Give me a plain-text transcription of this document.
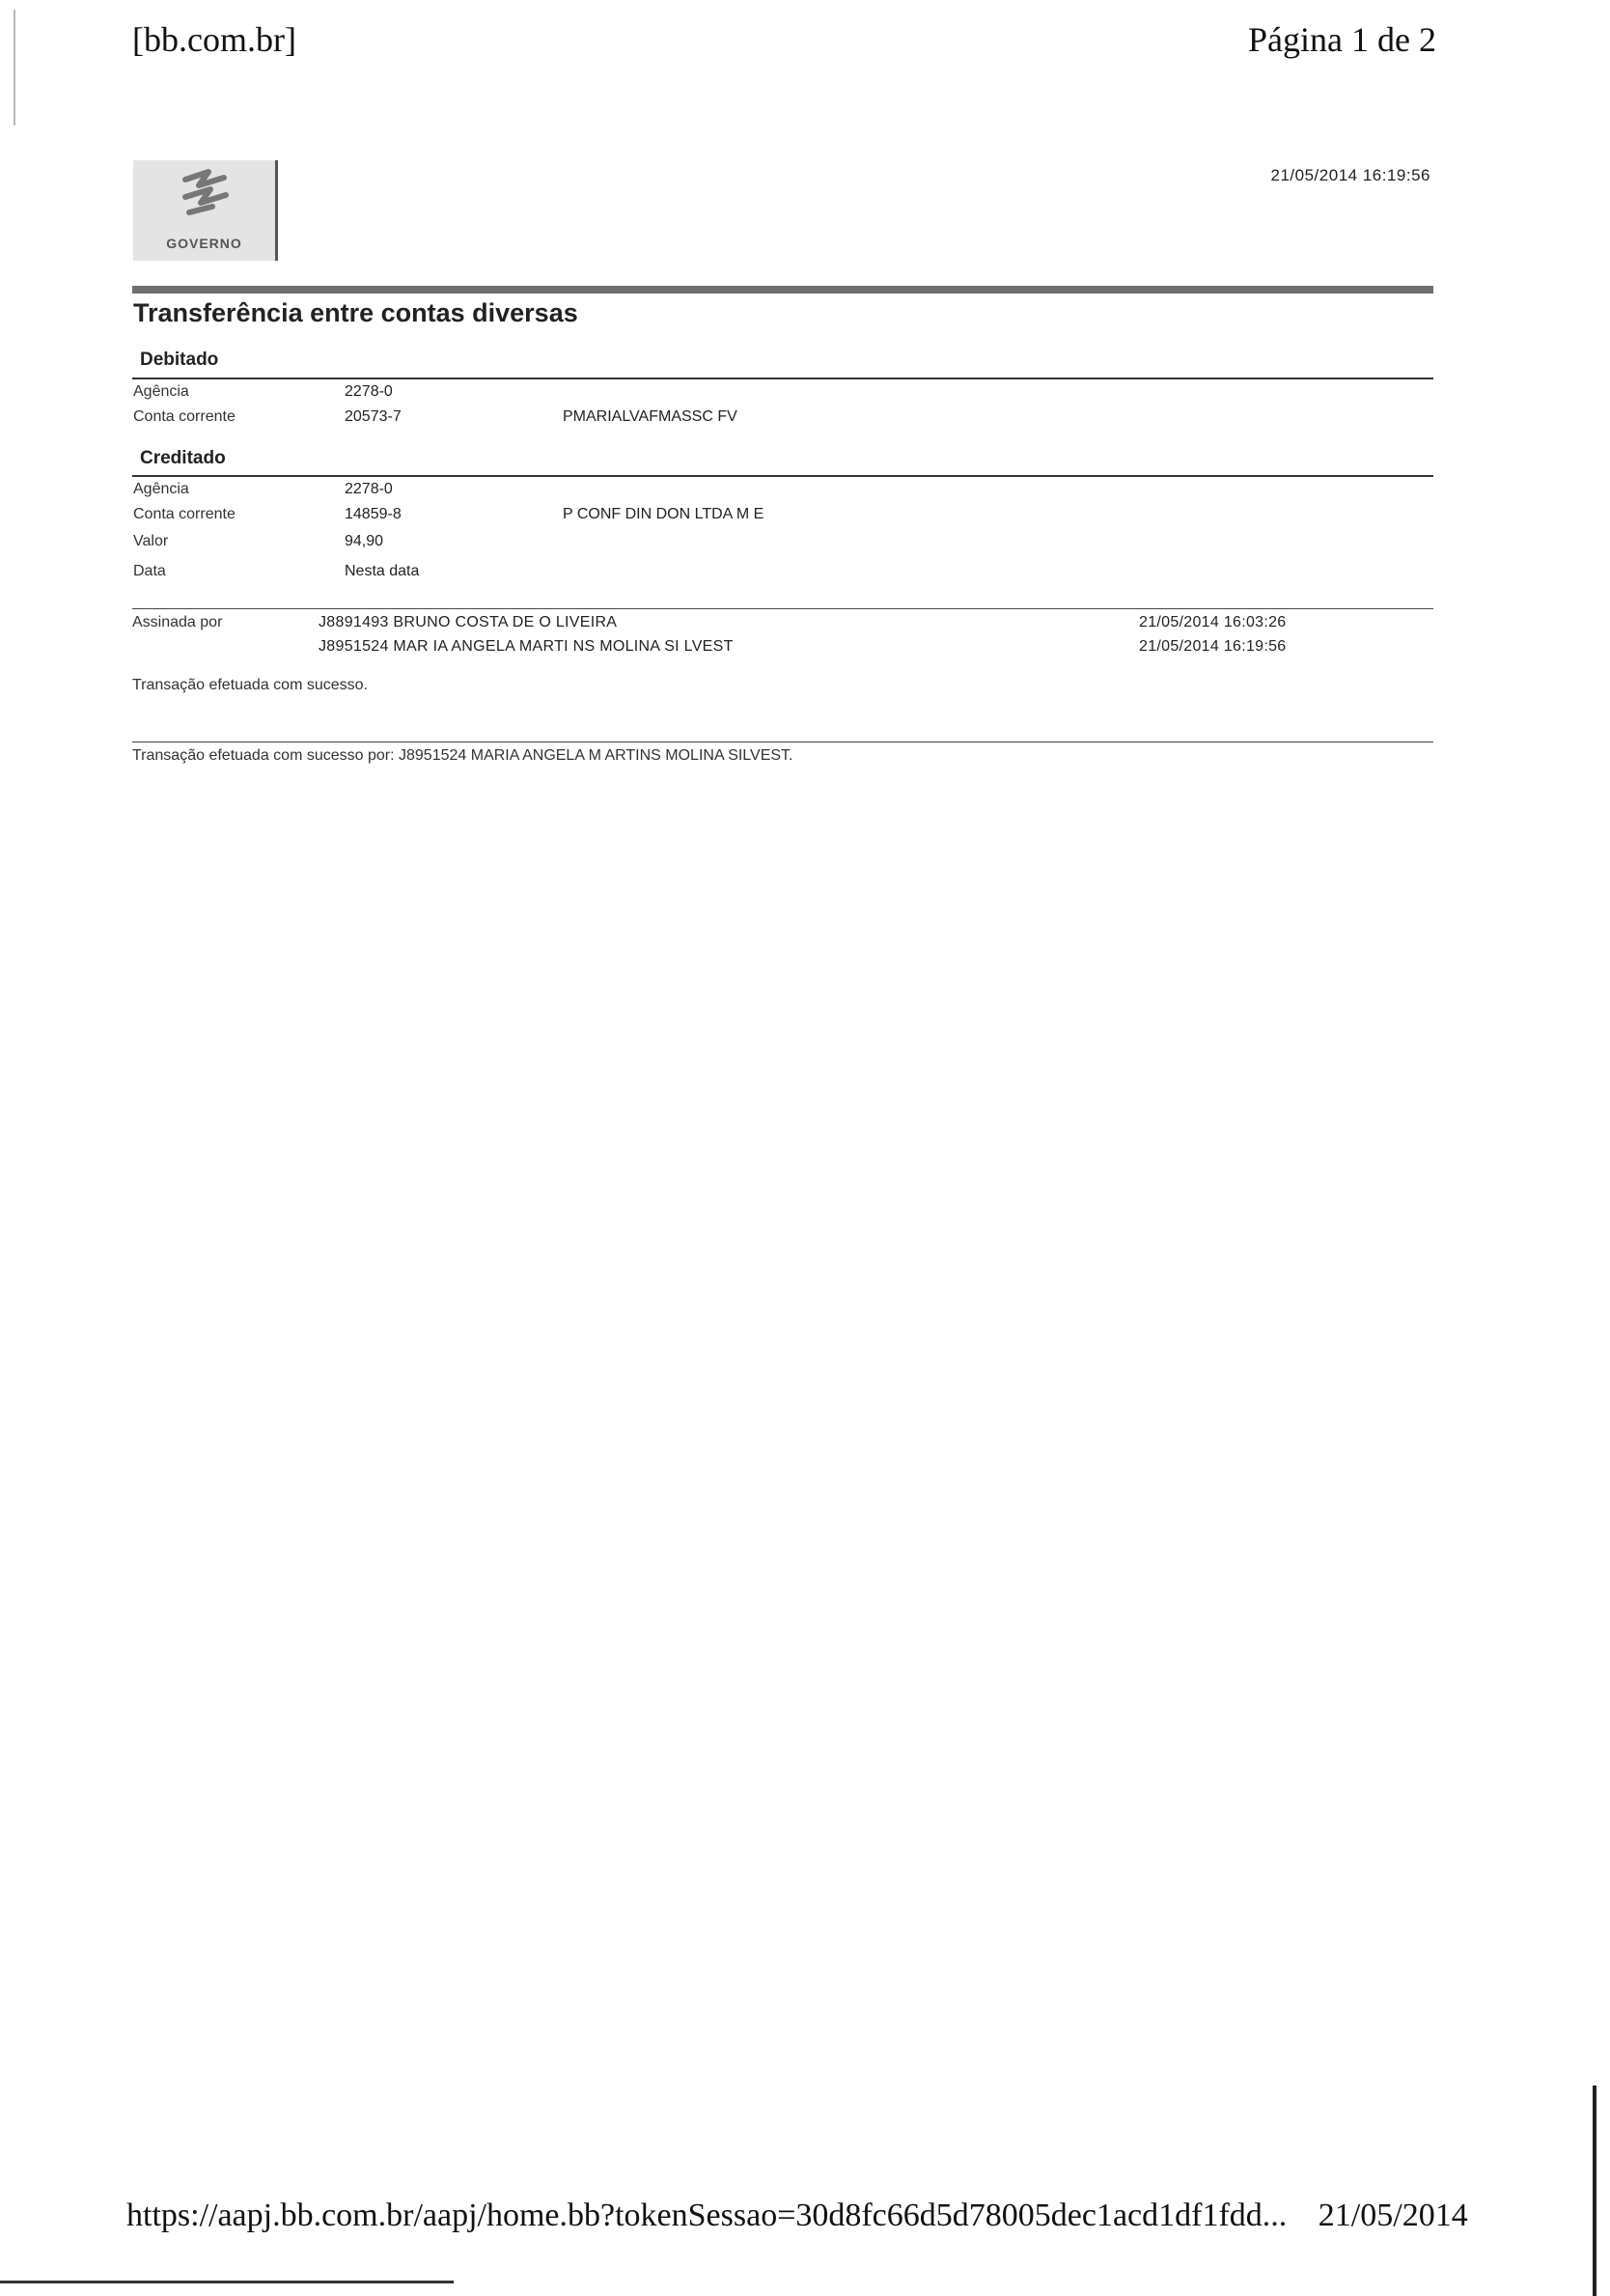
[bb.com.br]	Página 1 de 2
GOVERNO
21/05/2014 16:19:56
Transferência entre contas diversas
Debitado
Agência	2278-0
Conta corrente	20573-7	PMARIALVAFMASSC FV
Creditado
Agência	2278-0
Conta corrente	14859-8	P CONF DIN DON LTDA M E
Valor	94,90
Data	Nesta data
Assinada por	J8891493 BRUNO COSTA DE O LIVEIRA	21/05/2014 16:03:26
J8951524 MAR IA ANGELA MARTI NS MOLINA SI LVEST	21/05/2014 16:19:56
Transação efetuada com sucesso.
Transação efetuada com sucesso por: J8951524 MARIA ANGELA M ARTINS MOLINA SILVEST.
https://aapj.bb.com.br/aapj/home.bb?tokenSessao=30d8fc66d5d78005dec1acd1df1fdd... 21/05/2014
